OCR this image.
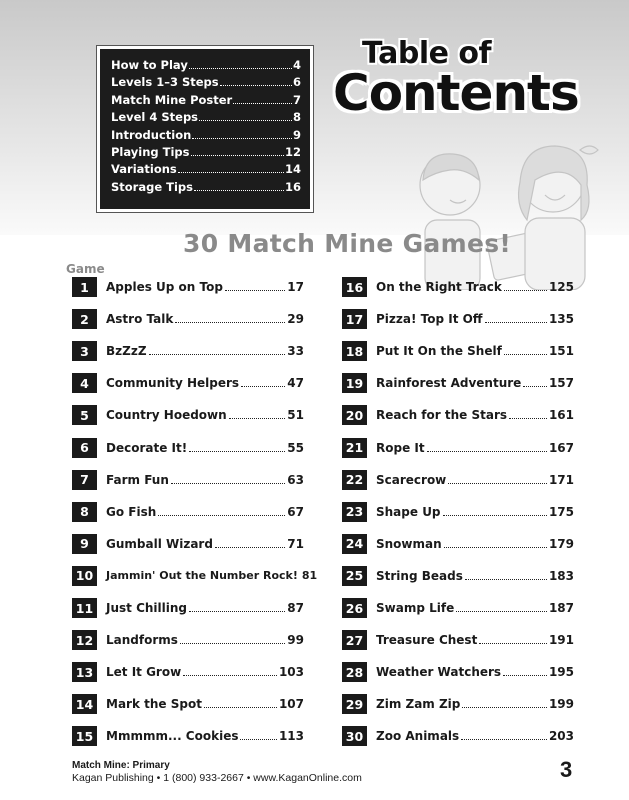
How to Play	4
Levels 1–3 Steps	6
Match Mine Poster	7
Level 4 Steps	8
Introduction	9
Playing Tips	12
Variations	14
Storage Tips	16
Table of
Contents
30 Match Mine Games!
Game
1	Apples Up on Top	17
2	Astro Talk	29
3	BzZzZ	33
4	Community Helpers	47
5	Country Hoedown	51
6	Decorate It!	55
7	Farm Fun	63
8	Go Fish	67
9	Gumball Wizard	71
10	Jammin' Out the Number Rock! 81
11	Just Chilling	87
12	Landforms	99
13	Let It Grow	103
14	Mark the Spot	107
15	Mmmmm... Cookies	113
16	On the Right Track	125
17	Pizza! Top It Off	135
18	Put It On the Shelf	151
19	Rainforest Adventure 157
20	Reach for the Stars	161
21	Rope It	167
22	Scarecrow	171
23	Shape Up	175
24	Snowman	179
25	String Beads	183
26	Swamp Life	187
27	Treasure Chest	191
28	Weather Watchers	195
29	Zim Zam Zip	199
30	Zoo Animals	203
Match Mine: Primary
Kagan Publishing • 1 (800) 933-2667 • www.KaganOnline.com	3
